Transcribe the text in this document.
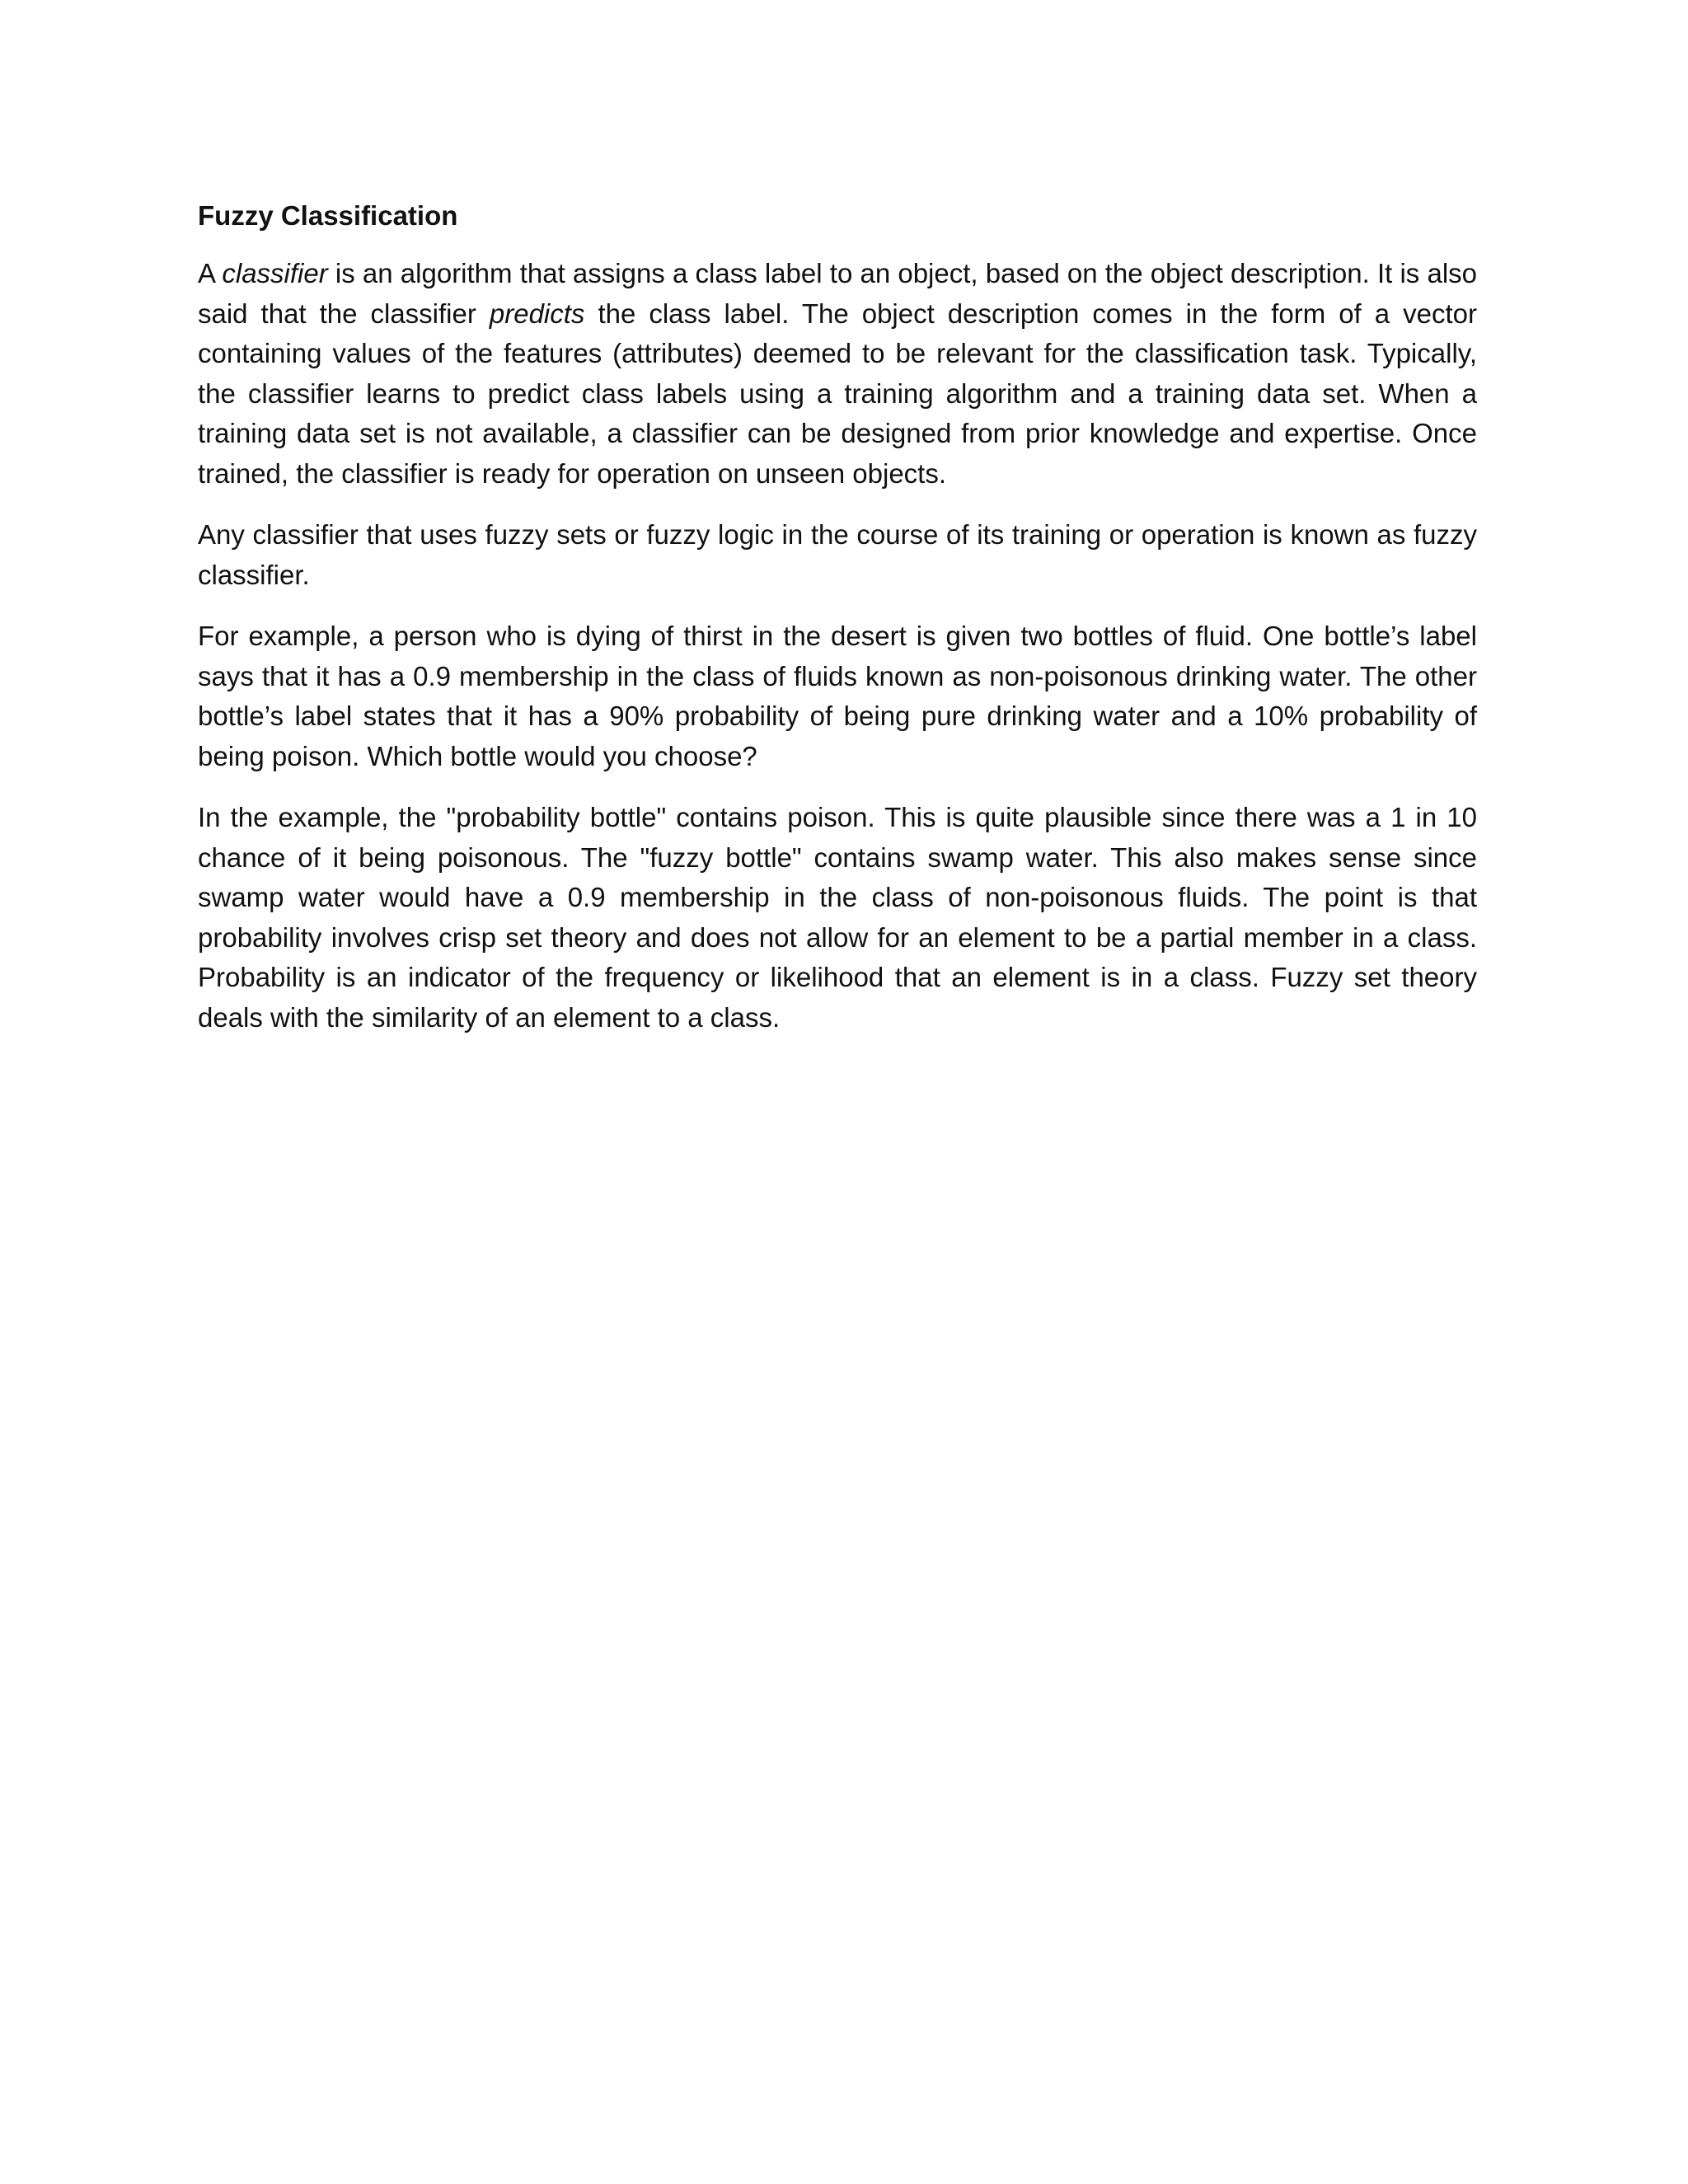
Fuzzy Classification

A classifier is an algorithm that assigns a class label to an object, based on the object description. It is also said that the classifier predicts the class label. The object description comes in the form of a vector containing values of the features (attributes) deemed to be relevant for the classification task. Typically, the classifier learns to predict class labels using a training algorithm and a training data set. When a training data set is not available, a classifier can be designed from prior knowledge and expertise. Once trained, the classifier is ready for operation on unseen objects.

Any classifier that uses fuzzy sets or fuzzy logic in the course of its training or operation is known as fuzzy classifier.

For example, a person who is dying of thirst in the desert is given two bottles of fluid. One bottle’s label says that it has a 0.9 membership in the class of fluids known as non-poisonous drinking water. The other bottle’s label states that it has a 90% probability of being pure drinking water and a 10% probability of being poison. Which bottle would you choose?

In the example, the "probability bottle" contains poison. This is quite plausible since there was a 1 in 10 chance of it being poisonous. The "fuzzy bottle" contains swamp water. This also makes sense since swamp water would have a 0.9 membership in the class of non-poisonous fluids. The point is that probability involves crisp set theory and does not allow for an element to be a partial member in a class. Probability is an indicator of the frequency or likelihood that an element is in a class. Fuzzy set theory deals with the similarity of an element to a class.
